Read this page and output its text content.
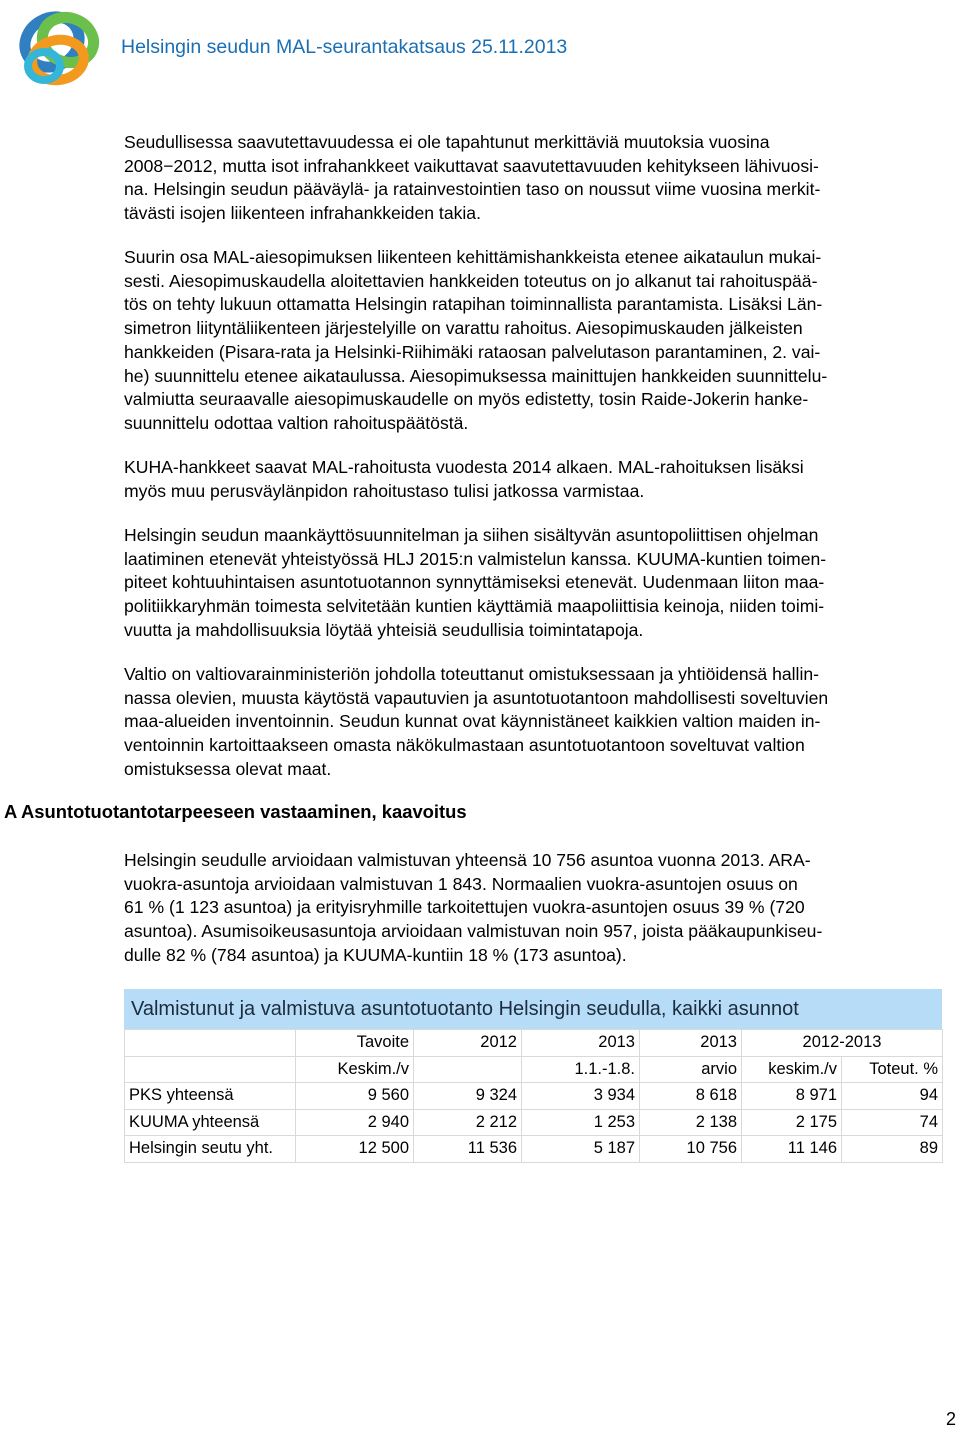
Helsingin seudun MAL-seurantakatsaus 25.11.2013
Seudullisessa saavutettavuudessa ei ole tapahtunut merkittäviä muutoksia vuosina
2008−2012, mutta isot infrahankkeet vaikuttavat saavutettavuuden kehitykseen lähivuosi-
na. Helsingin seudun pääväylä- ja ratainvestointien taso on noussut viime vuosina merkit-
tävästi isojen liikenteen infrahankkeiden takia.
Suurin osa MAL-aiesopimuksen liikenteen kehittämishankkeista etenee aikataulun mukai-
sesti. Aiesopimuskaudella aloitettavien hankkeiden toteutus on jo alkanut tai rahoituspää-
tös on tehty lukuun ottamatta Helsingin ratapihan toiminnallista parantamista. Lisäksi Län-
simetron liityntäliikenteen järjestelyille on varattu rahoitus. Aiesopimuskauden jälkeisten
hankkeiden (Pisara-rata ja Helsinki-Riihimäki rataosan palvelutason parantaminen, 2. vai-
he) suunnittelu etenee aikataulussa. Aiesopimuksessa mainittujen hankkeiden suunnittelu-
valmiutta seuraavalle aiesopimuskaudelle on myös edistetty, tosin Raide-Jokerin hanke-
suunnittelu odottaa valtion rahoituspäätöstä.
KUHA-hankkeet saavat MAL-rahoitusta vuodesta 2014 alkaen. MAL-rahoituksen lisäksi
myös muu perusväylänpidon rahoitustaso tulisi jatkossa varmistaa.
Helsingin seudun maankäyttösuunnitelman ja siihen sisältyvän asuntopoliittisen ohjelman
laatiminen etenevät yhteistyössä HLJ 2015:n valmistelun kanssa. KUUMA-kuntien toimen-
piteet kohtuuhintaisen asuntotuotannon synnyttämiseksi etenevät. Uudenmaan liiton maa-
politiikkaryhmän toimesta selvitetään kuntien käyttämiä maapoliittisia keinoja, niiden toimi-
vuutta ja mahdollisuuksia löytää yhteisiä seudullisia toimintatapoja.
Valtio on valtiovarainministeriön johdolla toteuttanut omistuksessaan ja yhtiöidensä hallin-
nassa olevien, muusta käytöstä vapautuvien ja asuntotuotantoon mahdollisesti soveltuvien
maa-alueiden inventoinnin. Seudun kunnat ovat käynnistäneet kaikkien valtion maiden in-
ventoinnin kartoittaakseen omasta näkökulmastaan asuntotuotantoon soveltuvat valtion
omistuksessa olevat maat.
A Asuntotuotantotarpeeseen vastaaminen, kaavoitus
Helsingin seudulle arvioidaan valmistuvan yhteensä 10 756 asuntoa vuonna 2013. ARA-
vuokra-asuntoja arvioidaan valmistuvan 1 843. Normaalien vuokra-asuntojen osuus on
61 % (1 123 asuntoa) ja erityisryhmille tarkoitettujen vuokra-asuntojen osuus 39 % (720
asuntoa). Asumisoikeusasuntoja arvioidaan valmistuvan noin 957, joista pääkaupunkiseu-
dulle 82 % (784 asuntoa) ja KUUMA-kuntiin 18 % (173 asuntoa).
Valmistunut ja valmistuva asuntotuotanto Helsingin seudulla, kaikki asunnot
	Tavoite	2012	2013	2013	2012-2013	
	Keskim./v		1.1.-1.8.	arvio	keskim./v	Toteut. %
PKS yhteensä	9 560	9 324	3 934	8 618	8 971	94
KUUMA yhteensä	2 940	2 212	1 253	2 138	2 175	74
Helsingin seutu yht.	12 500	11 536	5 187	10 756	11 146	89
2
